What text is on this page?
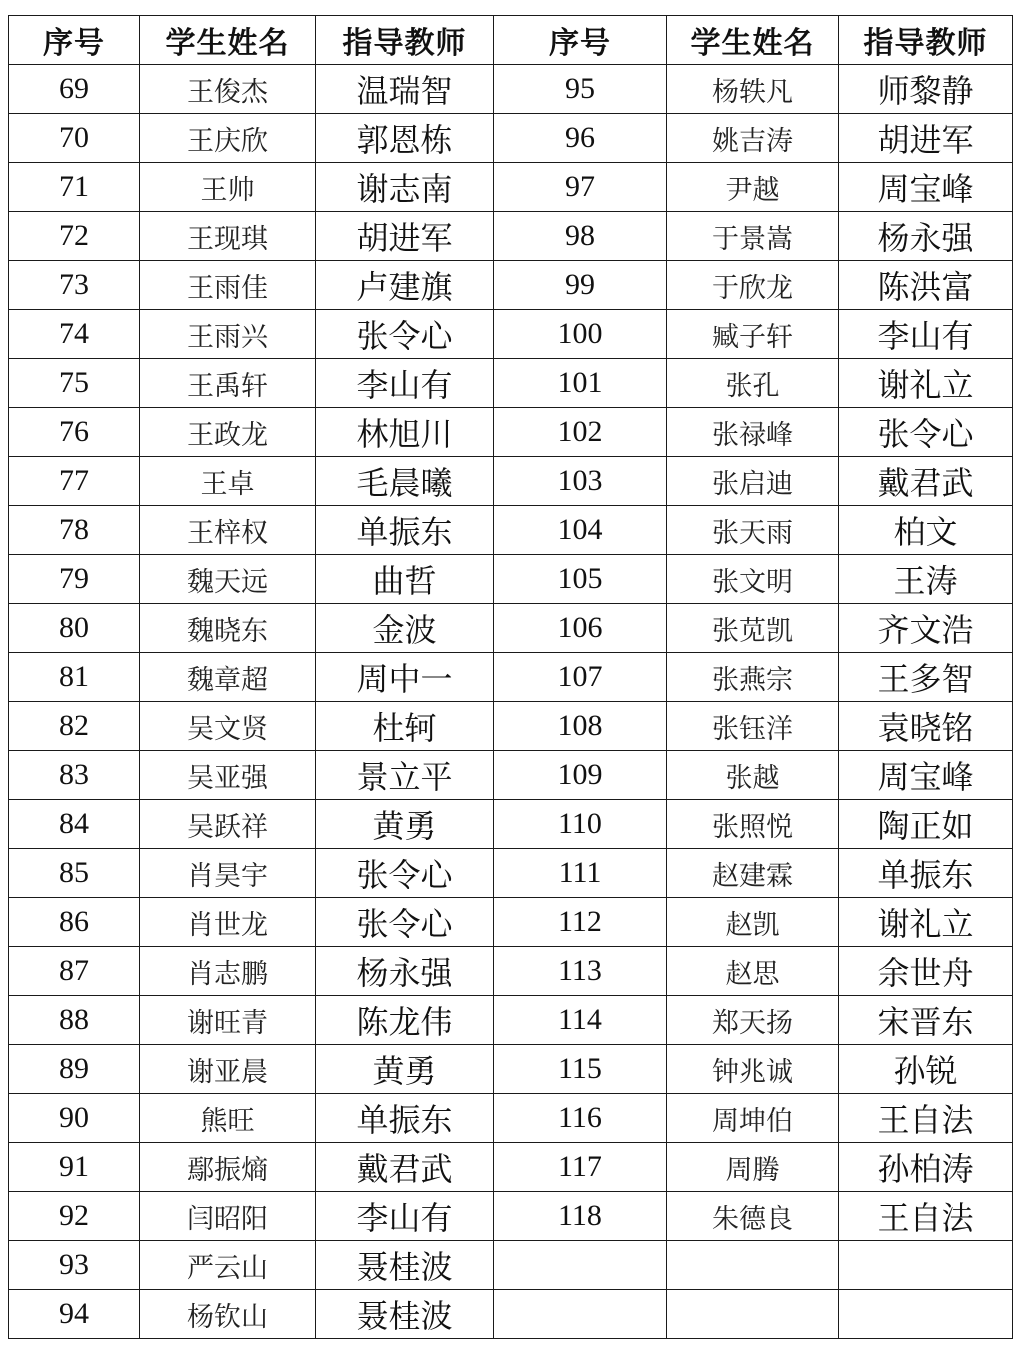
序号	学生姓名	指导教师	序号	学生姓名	指导教师
69	王俊杰	温瑞智	95	杨轶凡	师黎静
70	王庆欣	郭恩栋	96	姚吉涛	胡进军
71	王帅	谢志南	97	尹越	周宝峰
72	王现琪	胡进军	98	于景嵩	杨永强
73	王雨佳	卢建旗	99	于欣龙	陈洪富
74	王雨兴	张令心	100	臧子轩	李山有
75	王禹轩	李山有	101	张孔	谢礼立
76	王政龙	林旭川	102	张禄峰	张令心
77	王卓	毛晨曦	103	张启迪	戴君武
78	王梓权	单振东	104	张天雨	柏文
79	魏天远	曲哲	105	张文明	王涛
80	魏晓东	金波	106	张苋凯	齐文浩
81	魏章超	周中一	107	张燕宗	王多智
82	吴文贤	杜轲	108	张钰洋	袁晓铭
83	吴亚强	景立平	109	张越	周宝峰
84	吴跃祥	黄勇	110	张照悦	陶正如
85	肖昊宇	张令心	111	赵建霖	单振东
86	肖世龙	张令心	112	赵凯	谢礼立
87	肖志鹏	杨永强	113	赵思	余世舟
88	谢旺青	陈龙伟	114	郑天扬	宋晋东
89	谢亚晨	黄勇	115	钟兆诚	孙锐
90	熊旺	单振东	116	周坤伯	王自法
91	鄢振熵	戴君武	117	周腾	孙柏涛
92	闫昭阳	李山有	118	朱德良	王自法
93	严云山	聂桂波			
94	杨钦山	聂桂波			
